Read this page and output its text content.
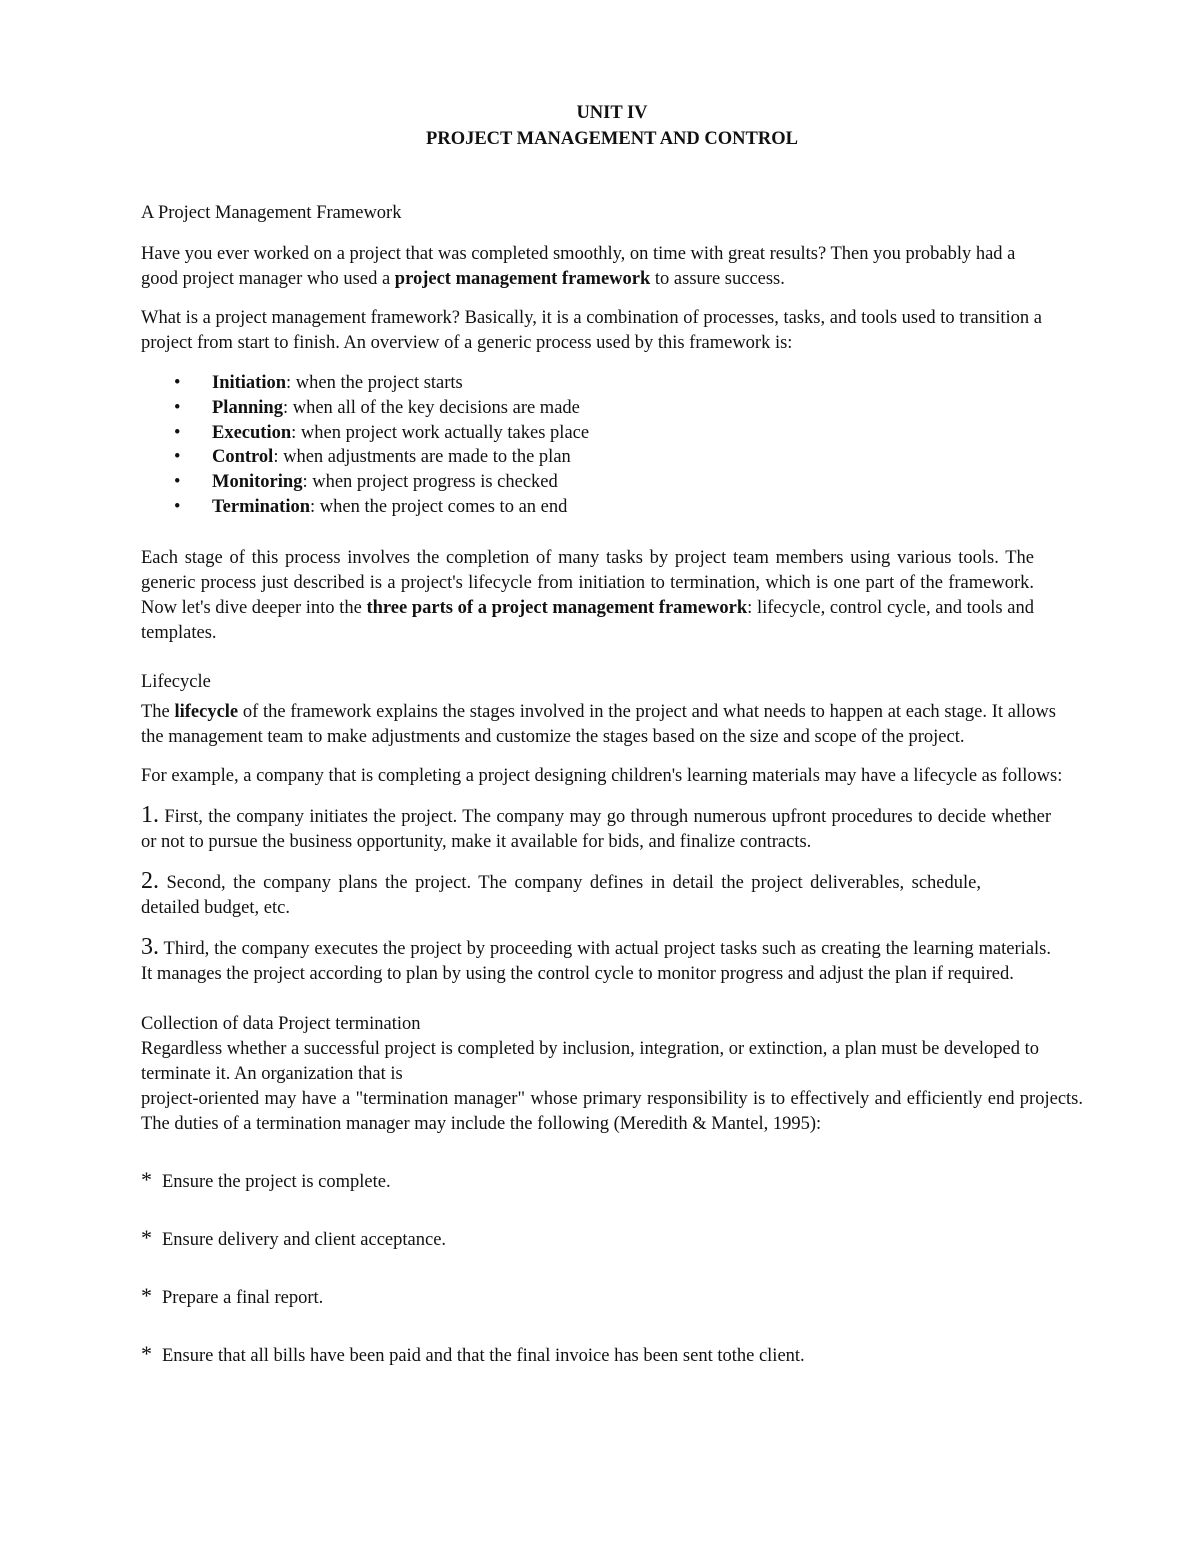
UNIT IV

PROJECT MANAGEMENT AND CONTROL

A Project Management Framework

Have you ever worked on a project that was completed smoothly, on time with great results? Then you probably had a good project manager who used a project management framework to assure success.

What is a project management framework? Basically, it is a combination of processes, tasks, and tools used to transition a project from start to finish. An overview of a generic process used by this framework is:

• Initiation: when the project starts
• Planning: when all of the key decisions are made
• Execution: when project work actually takes place
• Control: when adjustments are made to the plan
• Monitoring: when project progress is checked
• Termination: when the project comes to an end

Each stage of this process involves the completion of many tasks by project team members using various tools. The generic process just described is a project's lifecycle from initiation to termination, which is one part of the framework. Now let's dive deeper into the three parts of a project management framework: lifecycle, control cycle, and tools and templates.

Lifecycle

The lifecycle of the framework explains the stages involved in the project and what needs to happen at each stage. It allows the management team to make adjustments and customize the stages based on the size and scope of the project.

For example, a company that is completing a project designing children's learning materials may have a lifecycle as follows:

1. First, the company initiates the project. The company may go through numerous upfront procedures to decide whether or not to pursue the business opportunity, make it available for bids, and finalize contracts.

2. Second, the company plans the project. The company defines in detail the project deliverables, schedule, detailed budget, etc.

3. Third, the company executes the project by proceeding with actual project tasks such as creating the learning materials. It manages the project according to plan by using the control cycle to monitor progress and adjust the plan if required.

Collection of data Project termination

Regardless whether a successful project is completed by inclusion, integration, or extinction, a plan must be developed to terminate it. An organization that is

project-oriented may have a "termination manager" whose primary responsibility is to effectively and efficiently end projects. The duties of a termination manager may include the following (Meredith & Mantel, 1995):

* Ensure the project is complete.

* Ensure delivery and client acceptance.

* Prepare a final report.

* Ensure that all bills have been paid and that the final invoice has been sent tothe client.
